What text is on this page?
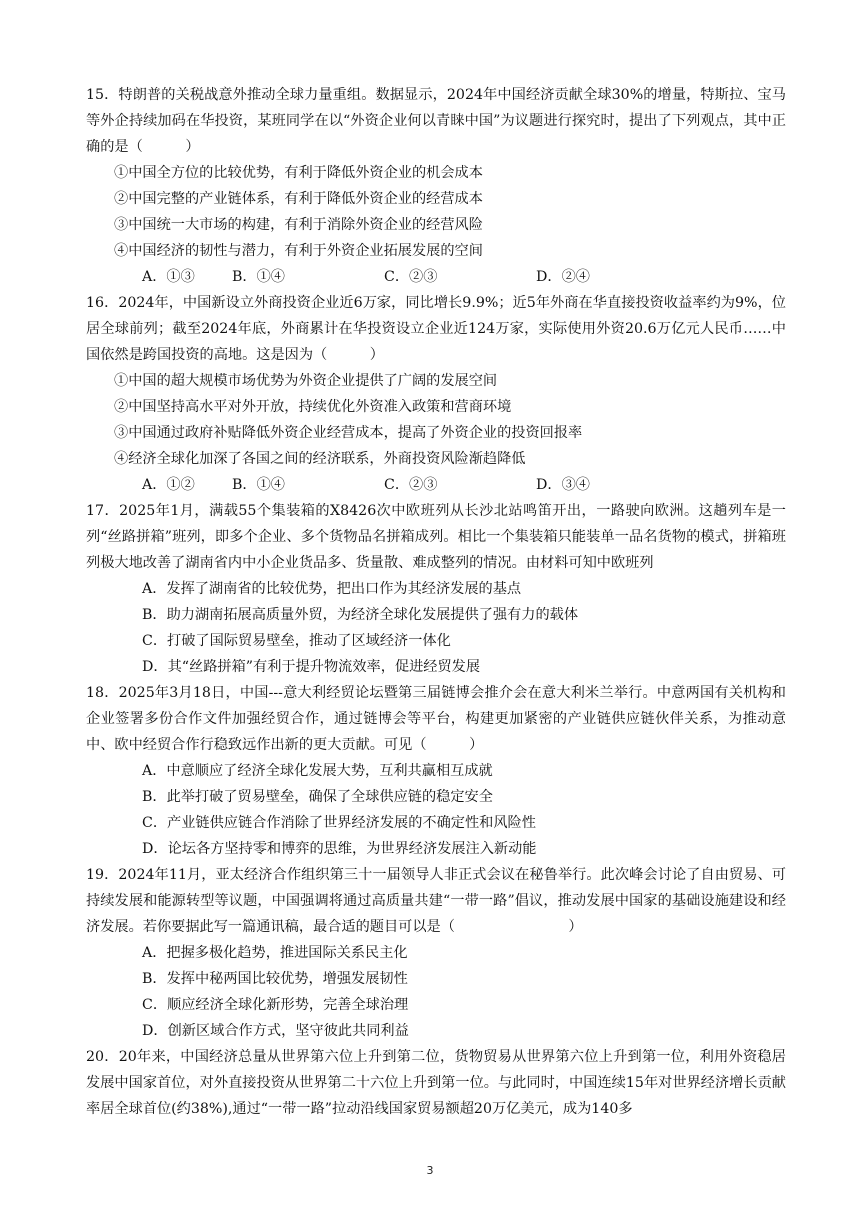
15．特朗普的关税战意外推动全球力量重组。数据显示，2024年中国经济贡献全球30%的增量，特斯拉、宝马等外企持续加码在华投资，某班同学在以“外资企业何以青睐中国”为议题进行探究时，提出了下列观点，其中正确的是（　　　）

①中国全方位的比较优势，有利于降低外资企业的机会成本

②中国完整的产业链体系，有利于降低外资企业的经营成本

③中国统一大市场的构建，有利于消除外资企业的经营风险

④中国经济的韧性与潜力，有利于外资企业拓展发展的空间

A．①③	B．①④	C．②③	D．②④

16．2024年，中国新设立外商投资企业近6万家，同比增长9.9%；近5年外商在华直接投资收益率约为9%，位居全球前列；截至2024年底，外商累计在华投资设立企业近124万家，实际使用外资20.6万亿元人民币……中国依然是跨国投资的高地。这是因为（　　　）

①中国的超大规模市场优势为外资企业提供了广阔的发展空间

②中国坚持高水平对外开放，持续优化外资准入政策和营商环境

③中国通过政府补贴降低外资企业经营成本，提高了外资企业的投资回报率

④经济全球化加深了各国之间的经济联系，外商投资风险渐趋降低

A．①②	B．①④	C．②③	D．③④

17．2025年1月，满载55个集装箱的X8426次中欧班列从长沙北站鸣笛开出，一路驶向欧洲。这趟列车是一列“丝路拼箱”班列，即多个企业、多个货物品名拼箱成列。相比一个集装箱只能装单一品名货物的模式，拼箱班列极大地改善了湖南省内中小企业货品多、货量散、难成整列的情况。由材料可知中欧班列

A．发挥了湖南省的比较优势，把出口作为其经济发展的基点

B．助力湖南拓展高质量外贸，为经济全球化发展提供了强有力的载体

C．打破了国际贸易壁垒，推动了区域经济一体化

D．其“丝路拼箱”有利于提升物流效率，促进经贸发展

18．2025年3月18日，中国---意大利经贸论坛暨第三届链博会推介会在意大利米兰举行。中意两国有关机构和企业签署多份合作文件加强经贸合作，通过链博会等平台，构建更加紧密的产业链供应链伙伴关系，为推动意中、欧中经贸合作行稳致远作出新的更大贡献。可见（　　　）

A．中意顺应了经济全球化发展大势，互利共赢相互成就

B．此举打破了贸易壁垒，确保了全球供应链的稳定安全

C．产业链供应链合作消除了世界经济发展的不确定性和风险性

D．论坛各方坚持零和博弈的思维，为世界经济发展注入新动能

19．2024年11月，亚太经济合作组织第三十一届领导人非正式会议在秘鲁举行。此次峰会讨论了自由贸易、可持续发展和能源转型等议题，中国强调将通过高质量共建“一带一路”倡议，推动发展中国家的基础设施建设和经济发展。若你要据此写一篇通讯稿，最合适的题目可以是（　　　　　　　　）

A．把握多极化趋势，推进国际关系民主化

B．发挥中秘两国比较优势，增强发展韧性

C．顺应经济全球化新形势，完善全球治理

D．创新区域合作方式，坚守彼此共同利益

20．20年来，中国经济总量从世界第六位上升到第二位，货物贸易从世界第六位上升到第一位，利用外资稳居发展中国家首位，对外直接投资从世界第二十六位上升到第一位。与此同时，中国连续15年对世界经济增长贡献率居全球首位(约38%),通过“一带一路”拉动沿线国家贸易额超20万亿美元，成为140多

3
